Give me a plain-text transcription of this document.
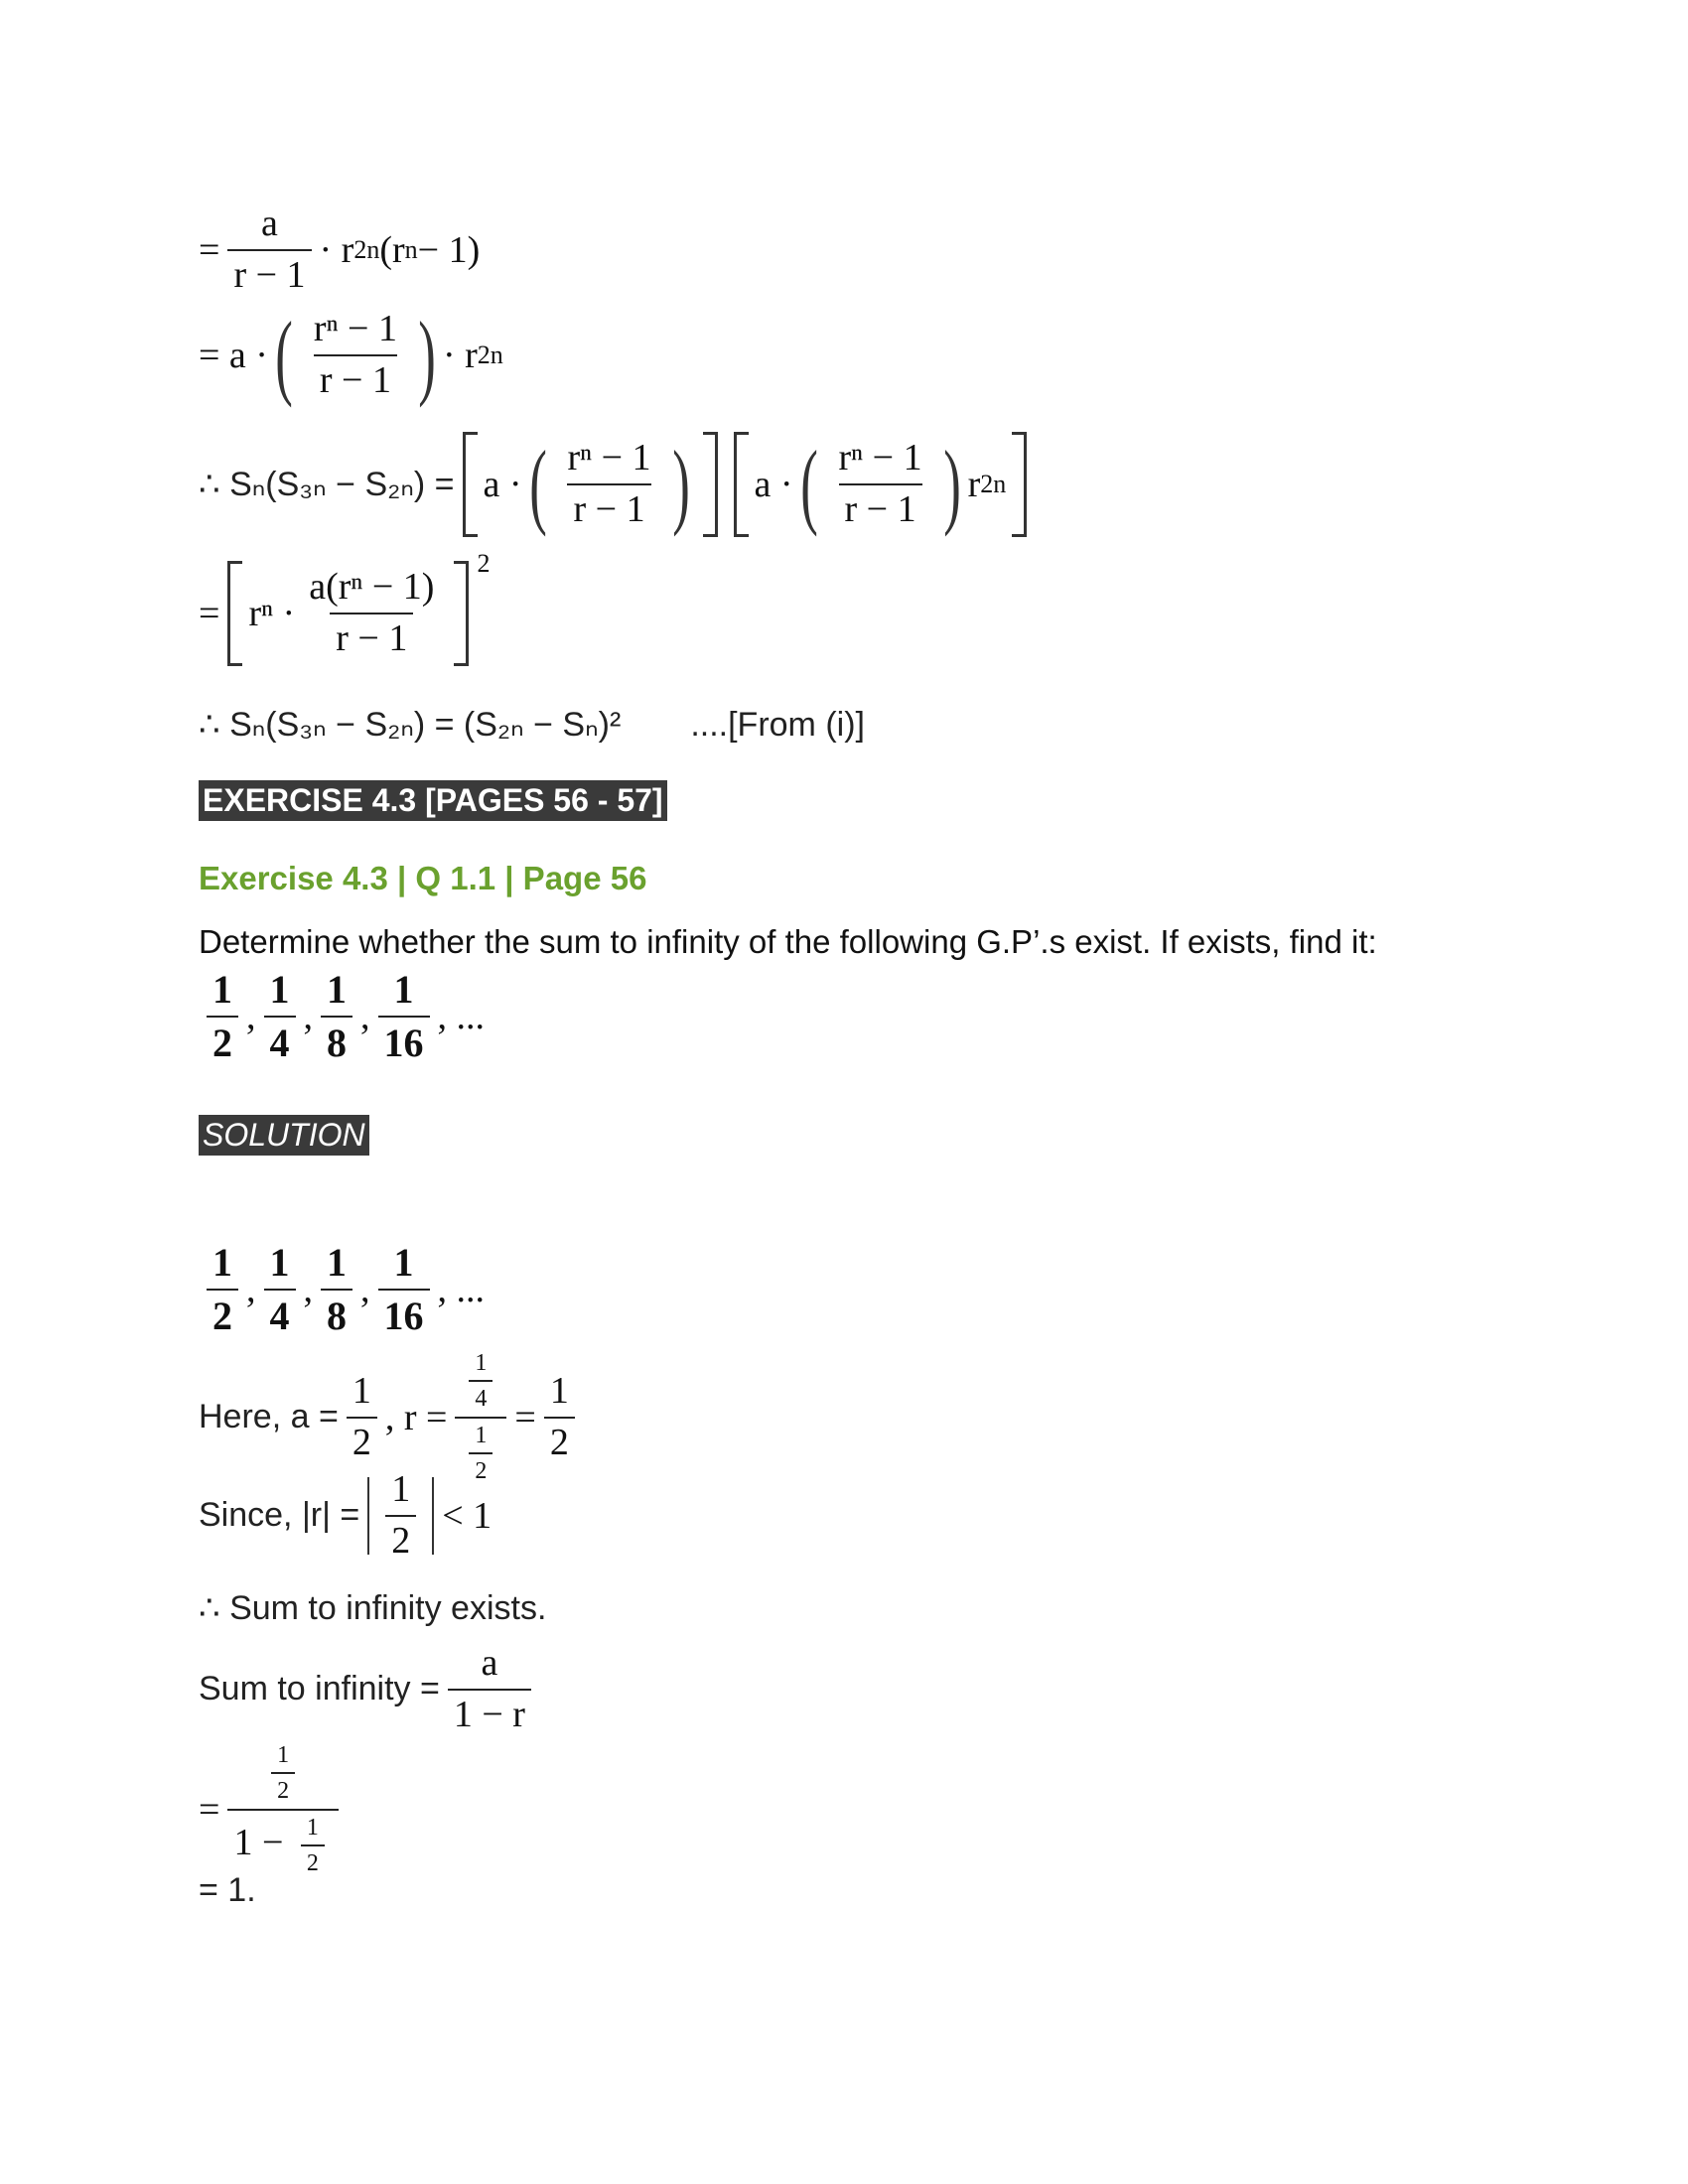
= $\frac{a}{r - 1} \cdot r$ 2n (r n − 1)
= a · ( $\frac{\text{rⁿ − 1}}{r - 1}$ ) · r 2n
∴ Sₙ(S₃ₙ − S₂ₙ) = a · ( $\frac{\text{rⁿ − 1}}{r - 1}$ ) a · ( $\frac{\text{rⁿ − 1}}{r - 1}$ ) r 2n
= $r^n \cdot \frac{\text{a(rⁿ − 1)}}{r - 1}$
$^2$
∴ Sₙ(S₃ₙ − S₂ₙ) = (S₂ₙ − Sₙ)² ....[From (i)]
EXERCISE 4.3 [PAGES 56 - 57]
Exercise 4.3 | Q 1.1 | Page 56
Determine whether the sum to infinity of the following G.P’.s exist. If exists, find it:
$\frac{1}{2}$ , $\frac{1}{4}$ , $\frac{1}{8}$ , $\frac{1}{16}$ , ...
SOLUTION
$\frac{1}{2}$ , $\frac{1}{4}$ , $\frac{1}{8}$ , $\frac{1}{16}$ , ...
Here, $a = \frac{1}{2}$ , $r = \frac{\frac{1}{4}}{\frac{1}{2}} = \frac{1}{2}$
Since, $|r| = \frac{1}{2} < 1$
∴ Sum to infinity exists.
Sum to infinity = $\frac{a}{1 - r}$
= $\frac{\frac{1}{2}}{1 - \frac{1}{2}}$
= 1.
